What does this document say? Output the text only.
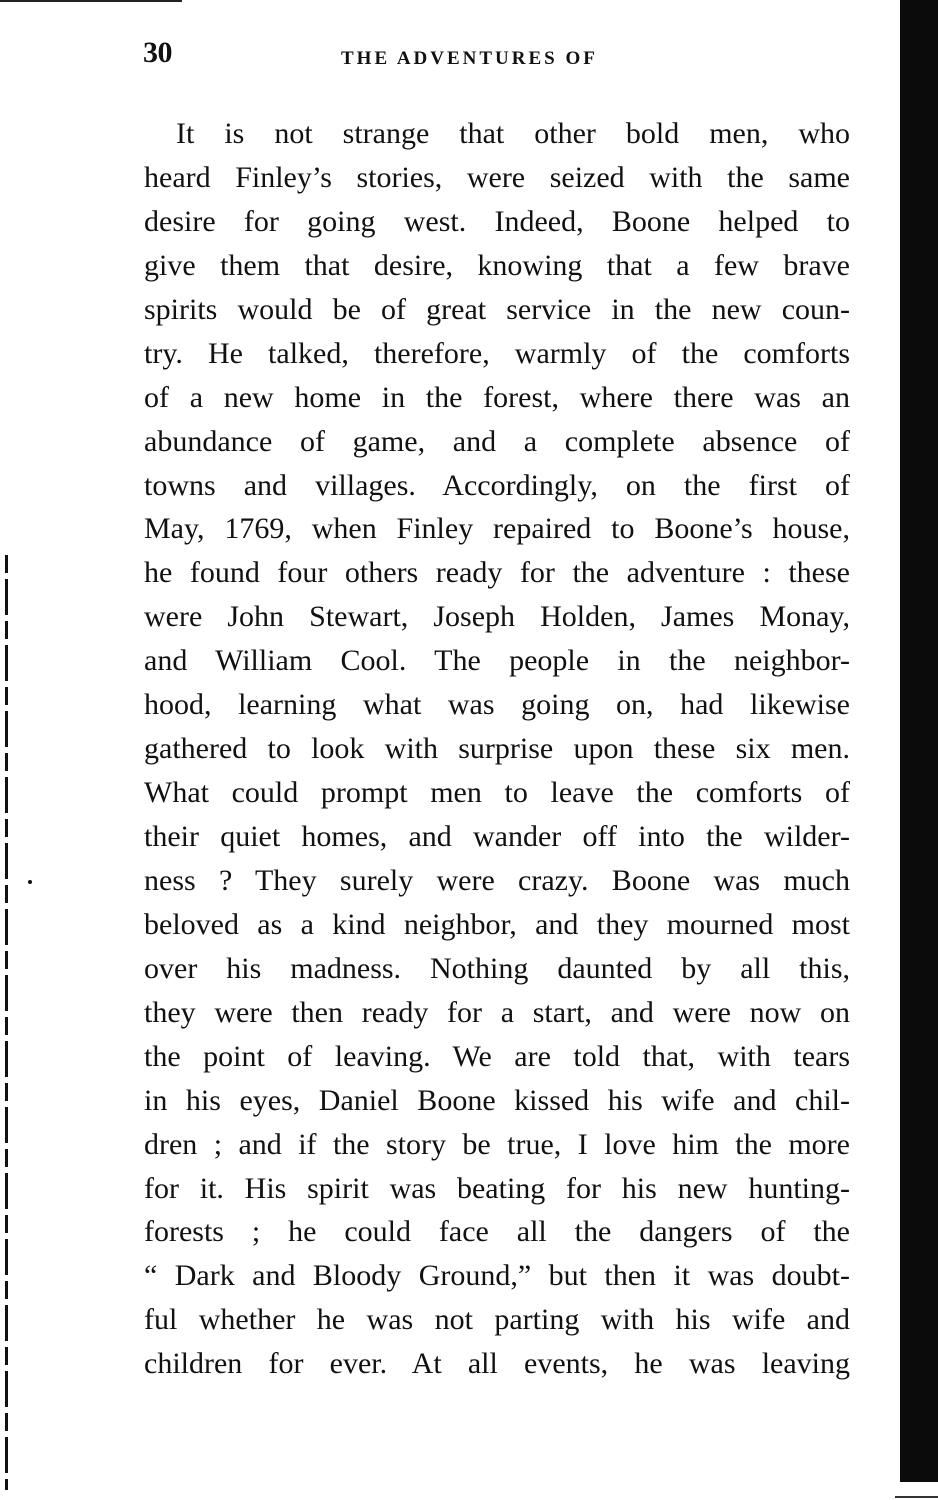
30	THE ADVENTURES OF
It is not strange that other bold men, who
heard Finley’s stories, were seized with the same
desire for going west. Indeed, Boone helped to
give them that desire, knowing that a few brave
spirits would be of great service in the new coun-
try. He talked, therefore, warmly of the comforts
of a new home in the forest, where there was an
abundance of game, and a complete absence of
towns and villages. Accordingly, on the first of
May, 1769, when Finley repaired to Boone’s house,
he found four others ready for the adventure : these
were John Stewart, Joseph Holden, James Monay,
and William Cool. The people in the neighbor-
hood, learning what was going on, had likewise
gathered to look with surprise upon these six men.
What could prompt men to leave the comforts of
their quiet homes, and wander off into the wilder-
ness ? They surely were crazy. Boone was much
beloved as a kind neighbor, and they mourned most
over his madness. Nothing daunted by all this,
they were then ready for a start, and were now on
the point of leaving. We are told that, with tears
in his eyes, Daniel Boone kissed his wife and chil-
dren ; and if the story be true, I love him the more
for it. His spirit was beating for his new hunting-
forests ; he could face all the dangers of the
“ Dark and Bloody Ground,” but then it was doubt-
ful whether he was not parting with his wife and
children for ever. At all events, he was leaving
